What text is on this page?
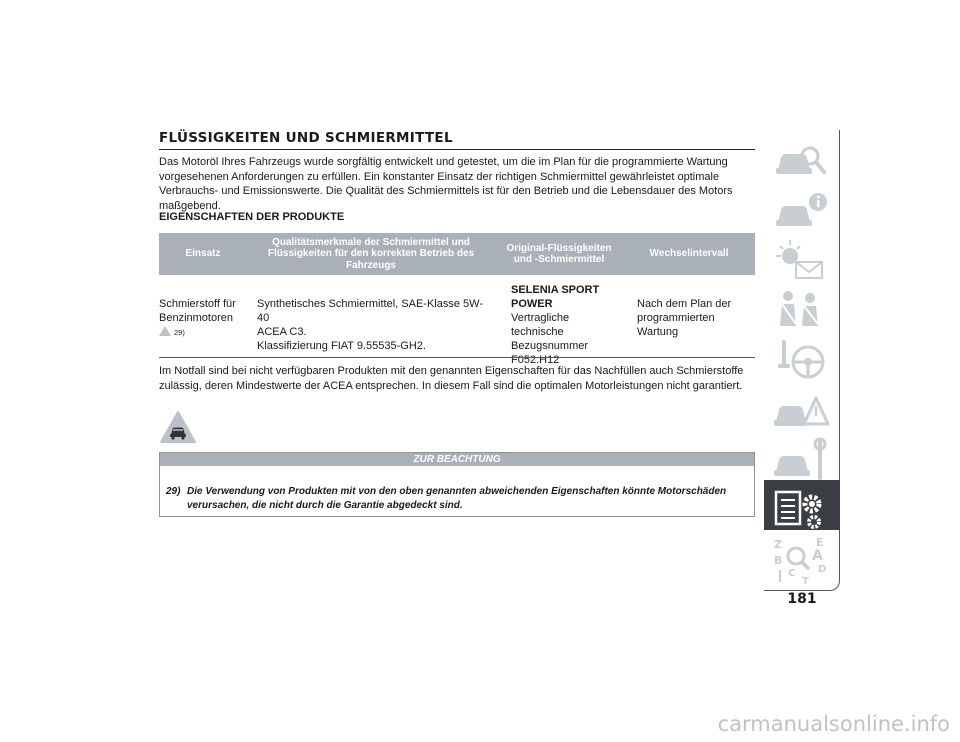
FLÜSSIGKEITEN UND SCHMIERMITTEL
Das Motoröl Ihres Fahrzeugs wurde sorgfältig entwickelt und getestet, um die im Plan für die programmierte Wartung vorgesehenen Anforderungen zu erfüllen. Ein konstanter Einsatz der richtigen Schmiermittel gewährleistet optimale Verbrauchs- und Emissionswerte. Die Qualität des Schmiermittels ist für den Betrieb und die Lebensdauer des Motors maßgebend.
EIGENSCHAFTEN DER PRODUKTE
Einsatz
Qualitätsmerkmale der Schmiermittel und
Flüssigkeiten für den korrekten Betrieb des
Fahrzeugs
Original-Flüssigkeiten
und -Schmiermittel
Wechselintervall
Schmierstoff für
Benzinmotoren
29)
Synthetisches Schmiermittel, SAE-Klasse 5W-40
ACEA C3.
Klassifizierung FIAT 9.55535-GH2.
SELENIA SPORT
POWER
Vertragliche technische
Bezugsnummer
F052.H12
Nach dem Plan der
programmierten
Wartung
Im Notfall sind bei nicht verfügbaren Produkten mit den genannten Eigenschaften für das Nachfüllen auch Schmierstoffe zulässig, deren Mindestwerte der ACEA entsprechen. In diesem Fall sind die optimalen Motorleistungen nicht garantiert.
ZUR BEACHTUNG
29) Die Verwendung von Produkten mit von den oben genannten abweichenden Eigenschaften könnte Motorschäden verursachen, die nicht durch die Garantie abgedeckt sind.
Z	E
B A
C D
T
181
carmanualsonline.info
